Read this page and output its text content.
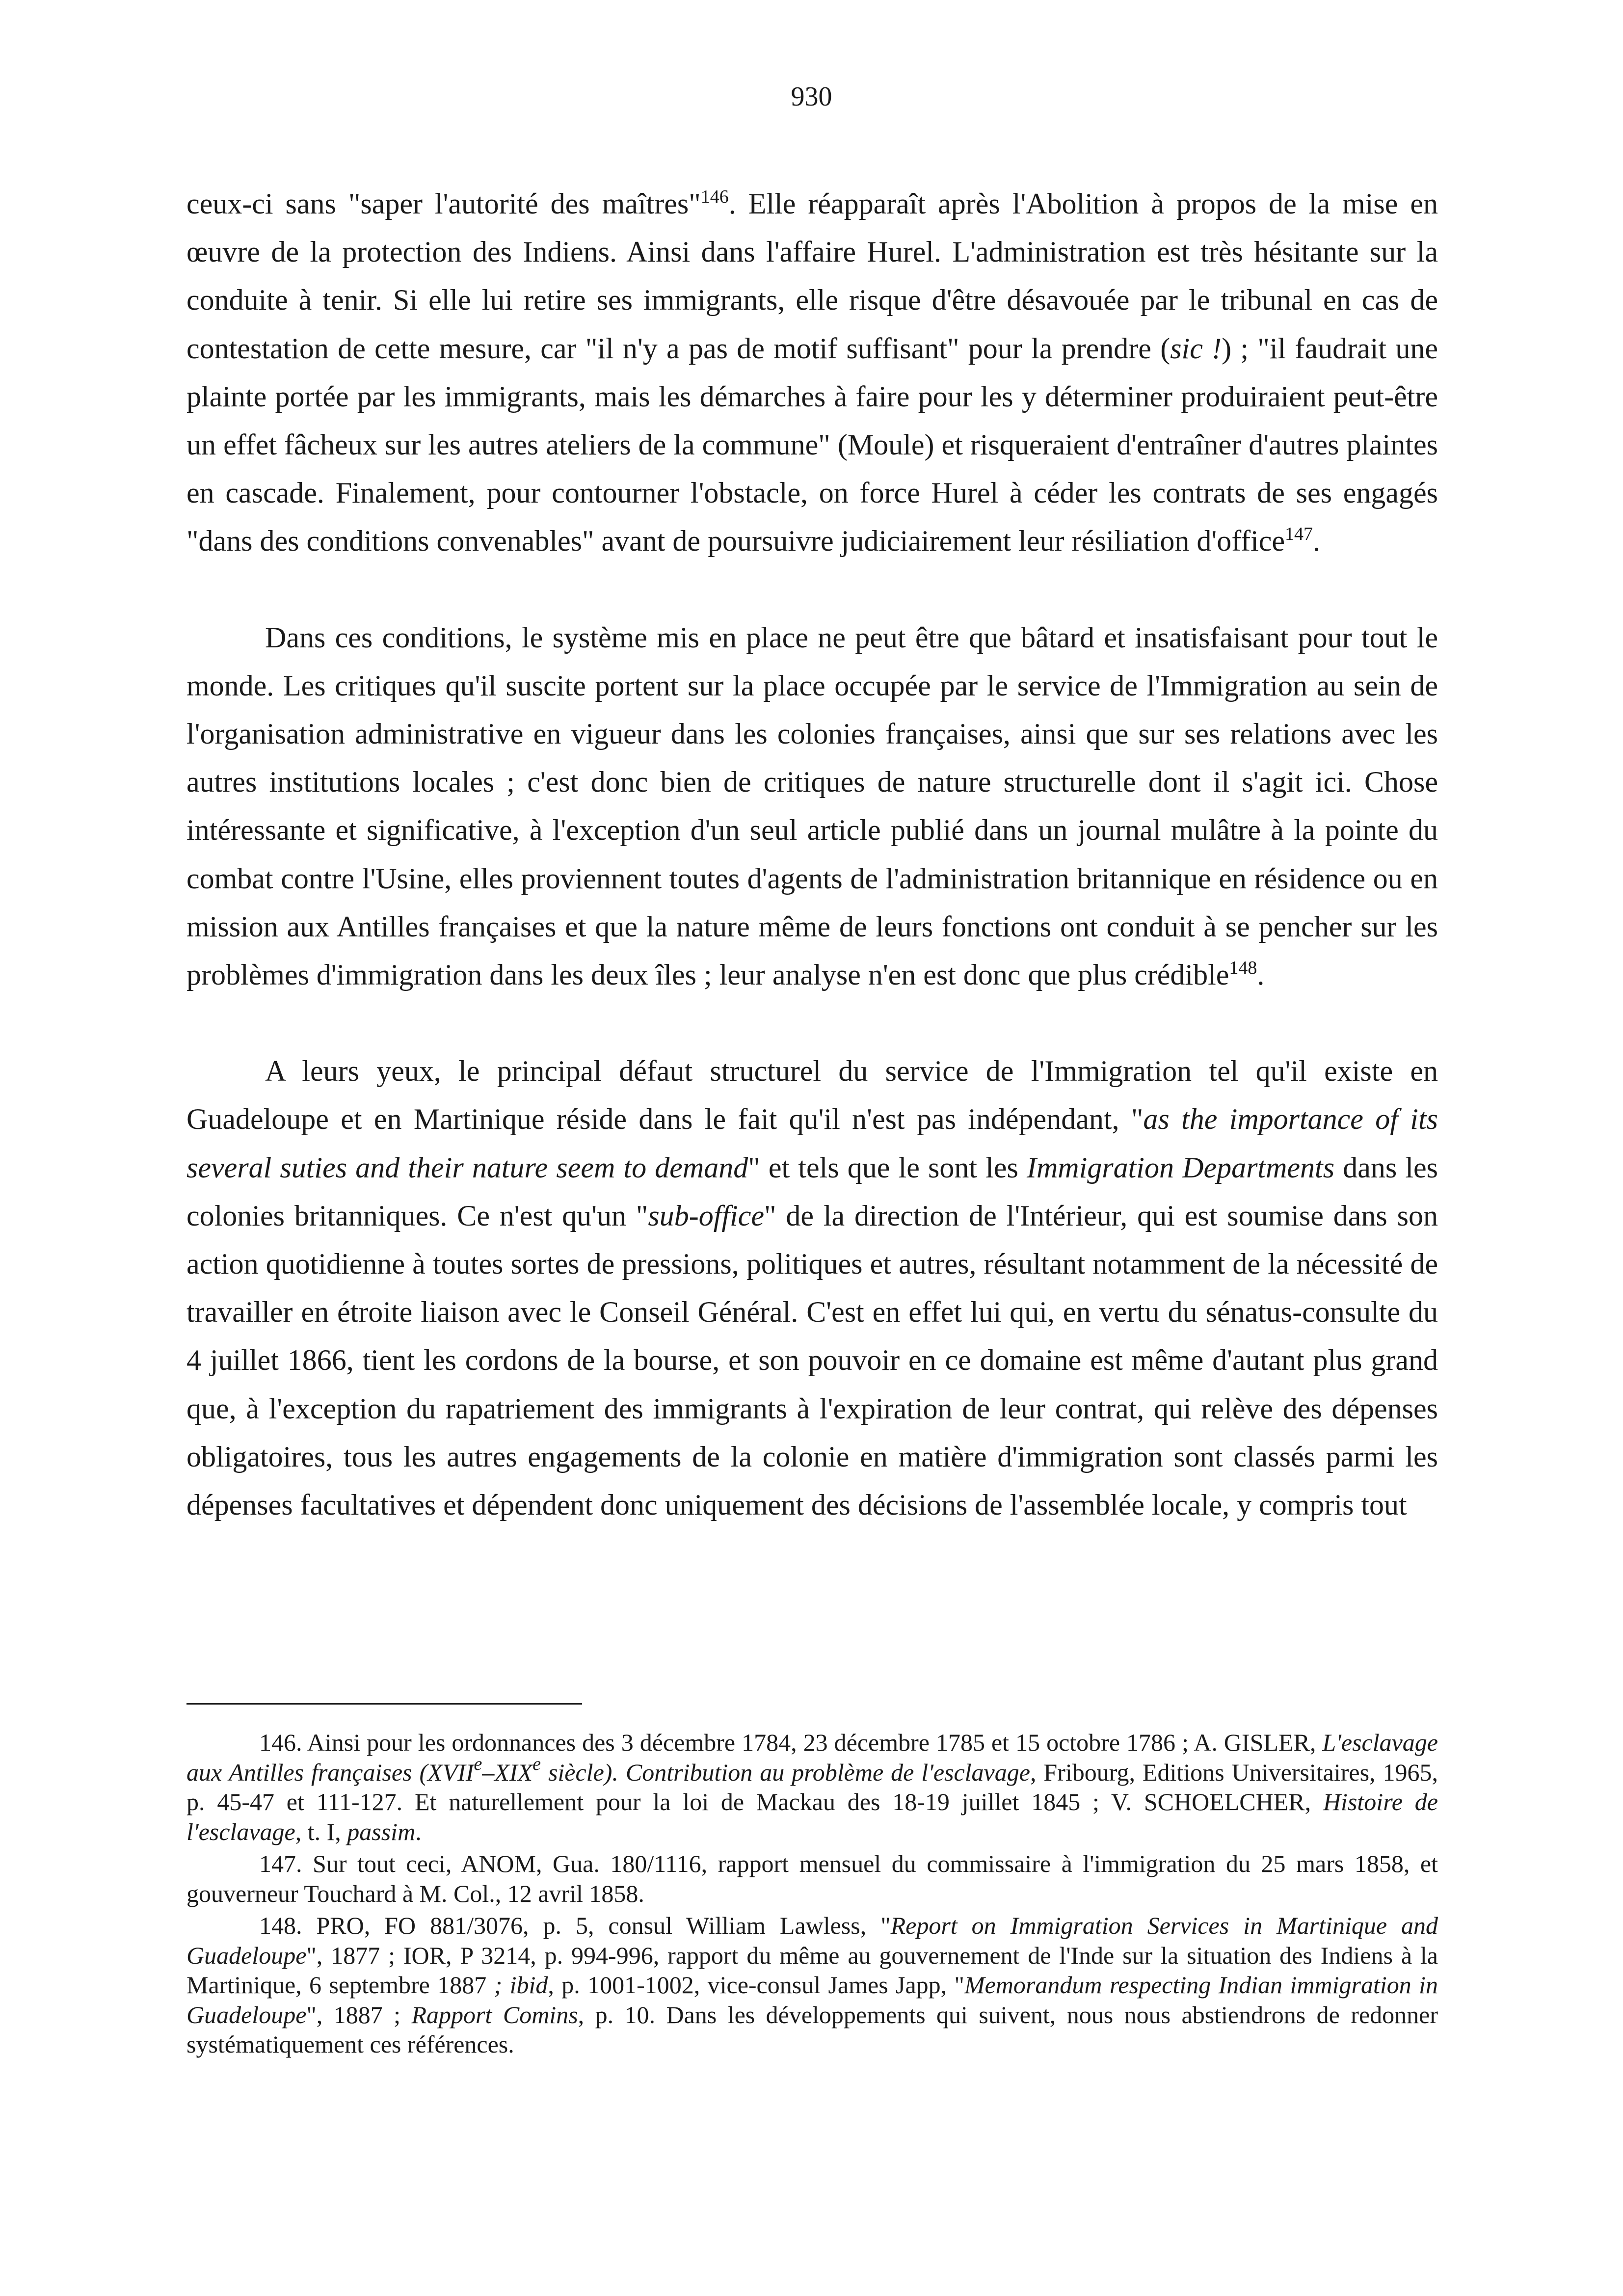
930

ceux-ci sans "saper l'autorité des maîtres"$^{146}$. Elle réapparaît après l'Abolition à propos de la mise en œuvre de la protection des Indiens. Ainsi dans l'affaire Hurel. L'administration est très hésitante sur la conduite à tenir. Si elle lui retire ses immigrants, elle risque d'être désavouée par le tribunal en cas de contestation de cette mesure, car "il n'y a pas de motif suffisant" pour la prendre (sic !) ; "il faudrait une plainte portée par les immigrants, mais les démarches à faire pour les y déterminer produiraient peut-être un effet fâcheux sur les autres ateliers de la commune" (Moule) et risqueraient d'entraîner d'autres plaintes en cascade. Finalement, pour contourner l'obstacle, on force Hurel à céder les contrats de ses engagés "dans des conditions convenables" avant de poursuivre judiciairement leur résiliation d'office$^{147}$.

Dans ces conditions, le système mis en place ne peut être que bâtard et insatisfaisant pour tout le monde. Les critiques qu'il suscite portent sur la place occupée par le service de l'Immigration au sein de l'organisation administrative en vigueur dans les colonies françaises, ainsi que sur ses relations avec les autres institutions locales ; c'est donc bien de critiques de nature structurelle dont il s'agit ici. Chose intéressante et significative, à l'exception d'un seul article publié dans un journal mulâtre à la pointe du combat contre l'Usine, elles proviennent toutes d'agents de l'administration britannique en résidence ou en mission aux Antilles françaises et que la nature même de leurs fonctions ont conduit à se pencher sur les problèmes d'immigration dans les deux îles ; leur analyse n'en est donc que plus crédible$^{148}$.

A leurs yeux, le principal défaut structurel du service de l'Immigration tel qu'il existe en Guadeloupe et en Martinique réside dans le fait qu'il n'est pas indépendant, "as the importance of its several suties and their nature seem to demand" et tels que le sont les Immigration Departments dans les colonies britanniques. Ce n'est qu'un "sub-office" de la direction de l'Intérieur, qui est soumise dans son action quotidienne à toutes sortes de pressions, politiques et autres, résultant notamment de la nécessité de travailler en étroite liaison avec le Conseil Général. C'est en effet lui qui, en vertu du sénatus-consulte du 4 juillet 1866, tient les cordons de la bourse, et son pouvoir en ce domaine est même d'autant plus grand que, à l'exception du rapatriement des immigrants à l'expiration de leur contrat, qui relève des dépenses obligatoires, tous les autres engagements de la colonie en matière d'immigration sont classés parmi les dépenses facultatives et dépendent donc uniquement des décisions de l'assemblée locale, y compris tout

146. Ainsi pour les ordonnances des 3 décembre 1784, 23 décembre 1785 et 15 octobre 1786 ; A. GISLER, L'esclavage aux Antilles françaises (XVIIe–XIXe siècle). Contribution au problème de l'esclavage, Fribourg, Editions Universitaires, 1965, p. 45-47 et 111-127. Et naturellement pour la loi de Mackau des 18-19 juillet 1845 ; V. SCHOELCHER, Histoire de l'esclavage, t. I, passim.

147. Sur tout ceci, ANOM, Gua. 180/1116, rapport mensuel du commissaire à l'immigration du 25 mars 1858, et gouverneur Touchard à M. Col., 12 avril 1858.

148. PRO, FO 881/3076, p. 5, consul William Lawless, "Report on Immigration Services in Martinique and Guadeloupe", 1877 ; IOR, P 3214, p. 994-996, rapport du même au gouvernement de l'Inde sur la situation des Indiens à la Martinique, 6 septembre 1887 ; ibid, p. 1001-1002, vice-consul James Japp, "Memorandum respecting Indian immigration in Guadeloupe", 1887 ; Rapport Comins, p. 10. Dans les développements qui suivent, nous nous abstiendrons de redonner systématiquement ces références.
